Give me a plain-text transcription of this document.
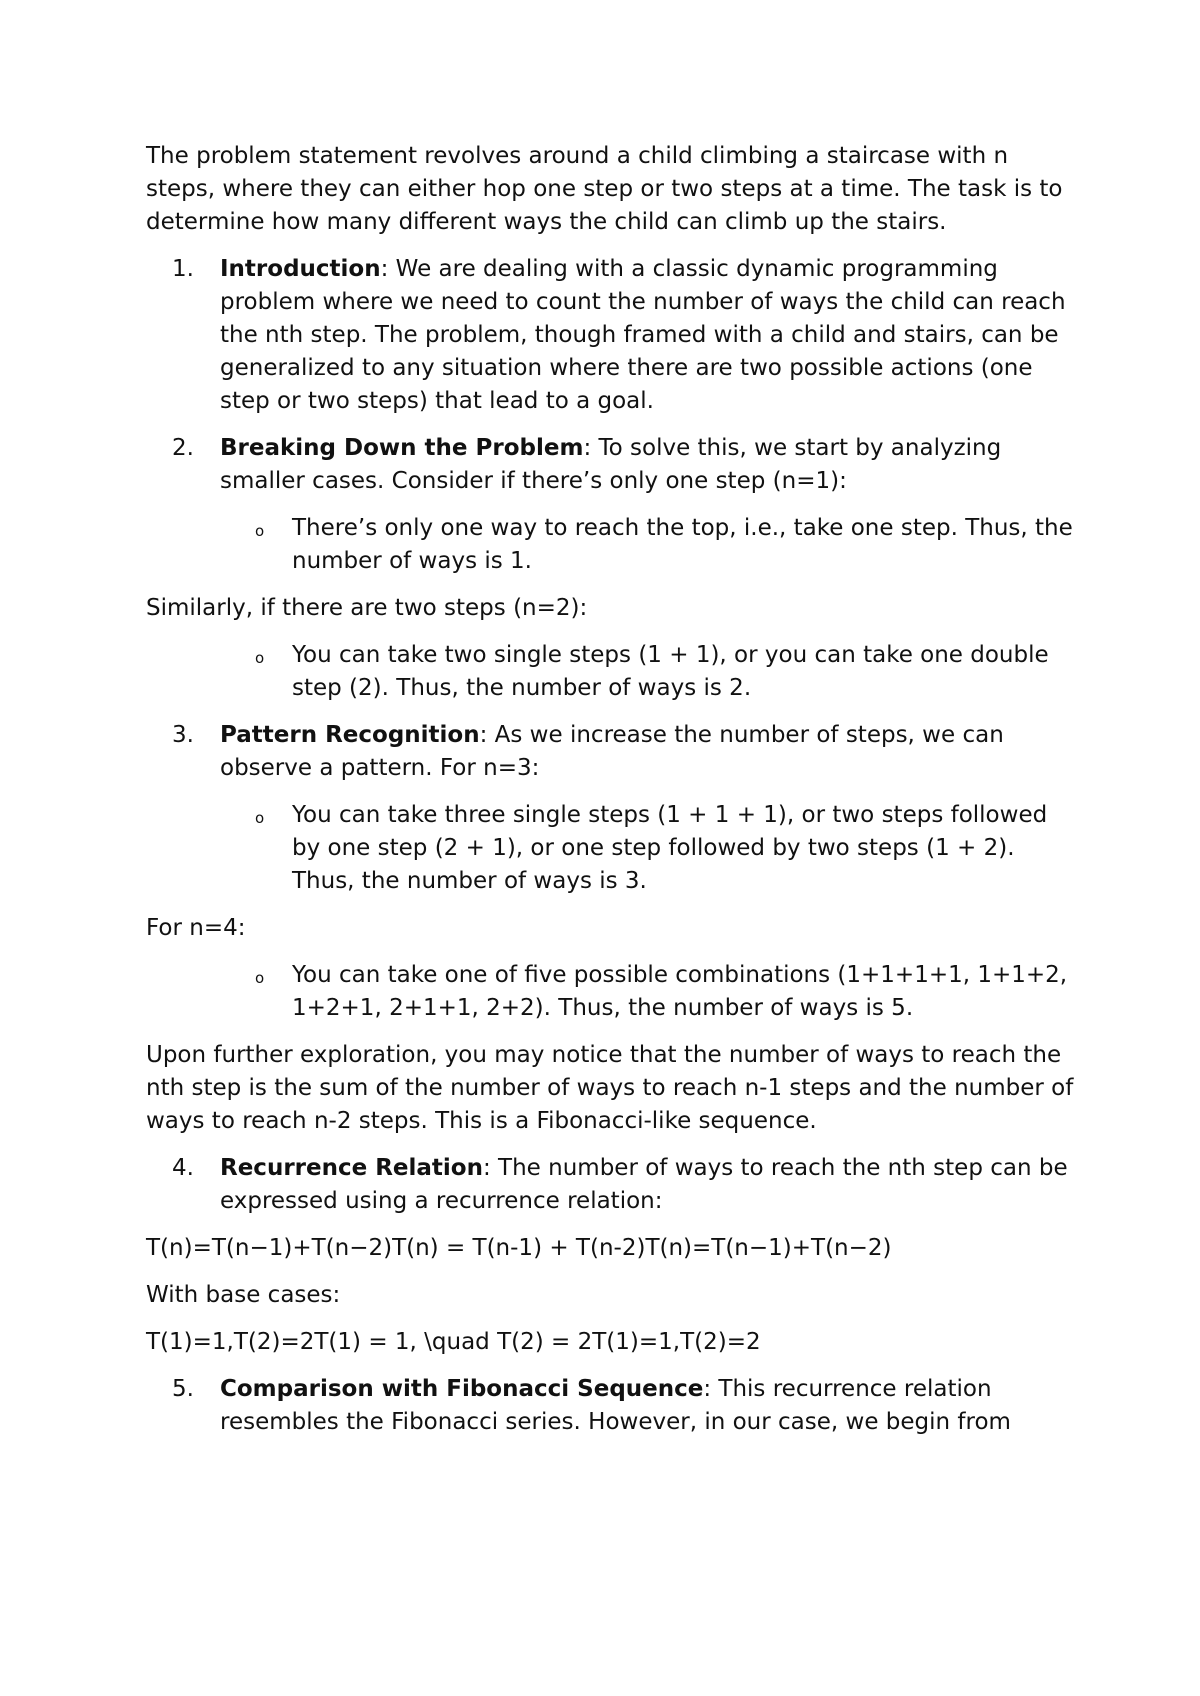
The problem statement revolves around a child climbing a staircase with n steps, where they can either hop one step or two steps at a time. The task is to determine how many different ways the child can climb up the stairs.

1. Introduction: We are dealing with a classic dynamic programming problem where we need to count the number of ways the child can reach the nth step. The problem, though framed with a child and stairs, can be generalized to any situation where there are two possible actions (one step or two steps) that lead to a goal.
2. Breaking Down the Problem: To solve this, we start by analyzing smaller cases. Consider if there’s only one step (n=1):
o There’s only one way to reach the top, i.e., take one step. Thus, the number of ways is 1.

Similarly, if there are two steps (n=2):

o You can take two single steps (1 + 1), or you can take one double step (2). Thus, the number of ways is 2.
3. Pattern Recognition: As we increase the number of steps, we can observe a pattern. For n=3:
o You can take three single steps (1 + 1 + 1), or two steps followed by one step (2 + 1), or one step followed by two steps (1 + 2). Thus, the number of ways is 3.

For n=4:

o You can take one of five possible combinations (1+1+1+1, 1+1+2, 1+2+1, 2+1+1, 2+2). Thus, the number of ways is 5.

Upon further exploration, you may notice that the number of ways to reach the nth step is the sum of the number of ways to reach n-1 steps and the number of ways to reach n-2 steps. This is a Fibonacci-like sequence.

4. Recurrence Relation: The number of ways to reach the nth step can be expressed using a recurrence relation:

T(n)=T(n−1)+T(n−2)T(n) = T(n-1) + T(n-2)T(n)=T(n−1)+T(n−2)

With base cases:

T(1)=1,T(2)=2T(1) = 1, \quad T(2) = 2T(1)=1,T(2)=2

5. Comparison with Fibonacci Sequence: This recurrence relation resembles the Fibonacci series. However, in our case, we begin from
